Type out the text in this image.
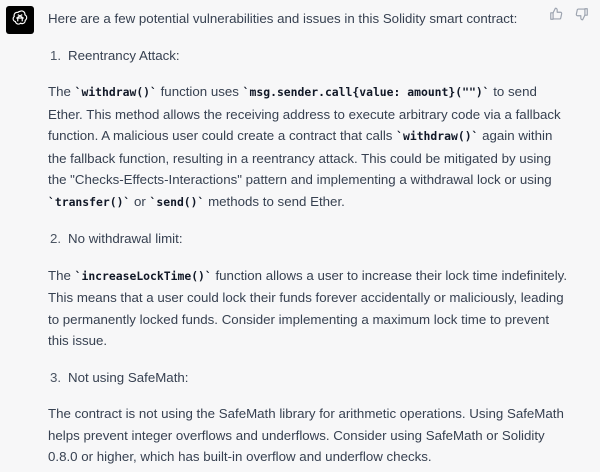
Here are a few potential vulnerabilities and issues in this Solidity smart contract:

1. Reentrancy Attack:

The `withdraw()` function uses `msg.sender.call{value: amount}("")` to send Ether. This method allows the receiving address to execute arbitrary code via a fallback function. A malicious user could create a contract that calls `withdraw()` again within the fallback function, resulting in a reentrancy attack. This could be mitigated by using the "Checks-Effects-Interactions" pattern and implementing a withdrawal lock or using `transfer()` or `send()` methods to send Ether.

2. No withdrawal limit:

The `increaseLockTime()` function allows a user to increase their lock time indefinitely. This means that a user could lock their funds forever accidentally or maliciously, leading to permanently locked funds. Consider implementing a maximum lock time to prevent this issue.

3. Not using SafeMath:

The contract is not using the SafeMath library for arithmetic operations. Using SafeMath helps prevent integer overflows and underflows. Consider using SafeMath or Solidity 0.8.0 or higher, which has built-in overflow and underflow checks.
